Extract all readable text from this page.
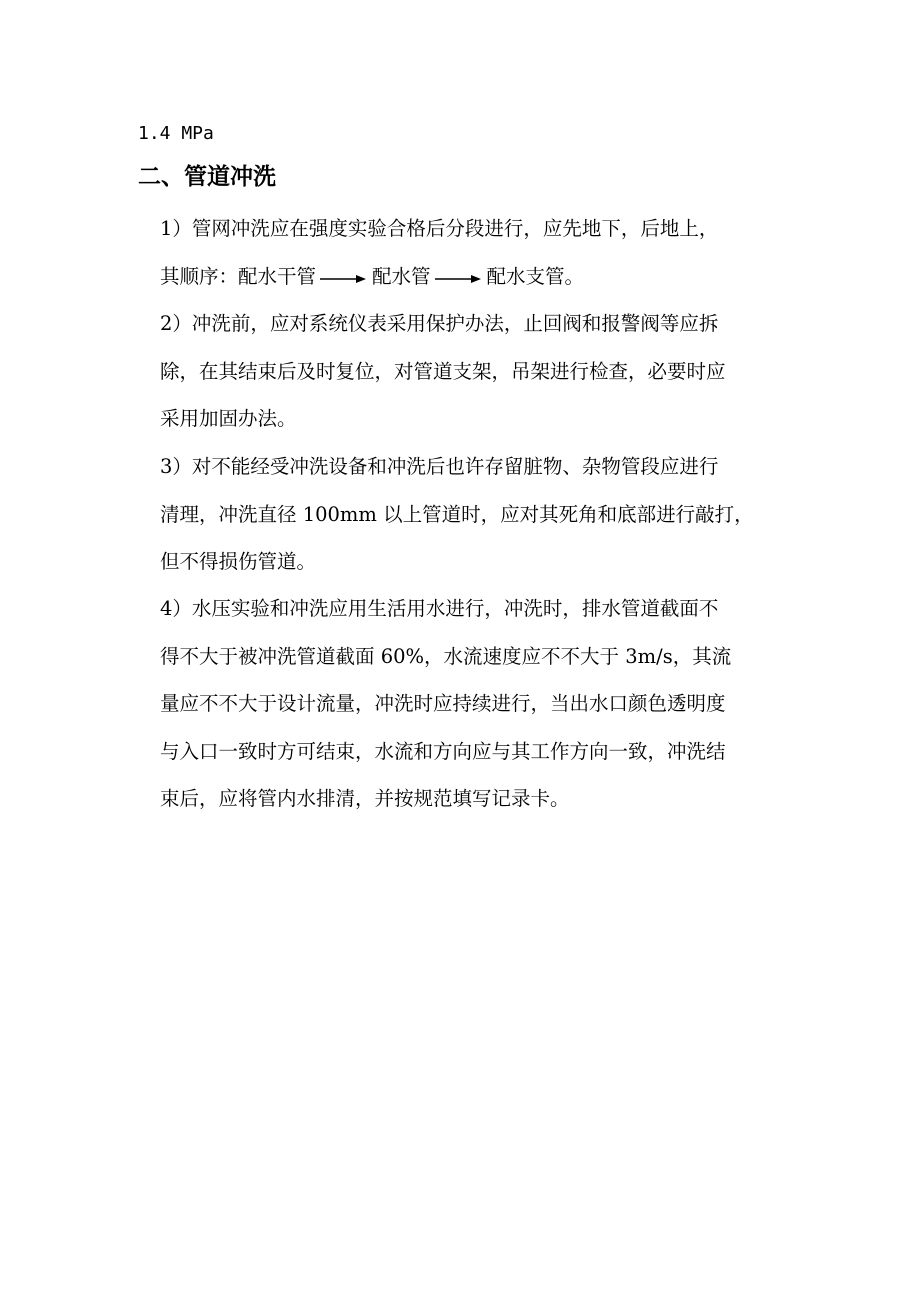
1.4 MPa
二、管道冲洗
1）管网冲洗应在强度实验合格后分段进行，应先地下，后地上，
其顺序：配水干管	配水管	配水支管。
2）冲洗前，应对系统仪表采用保护办法，止回阀和报警阀等应拆
除，在其结束后及时复位，对管道支架，吊架进行检查，必要时应
采用加固办法。
3）对不能经受冲洗设备和冲洗后也许存留脏物、杂物管段应进行
清理，冲洗直径 100mm 以上管道时，应对其死角和底部进行敲打，
但不得损伤管道。
4）水压实验和冲洗应用生活用水进行，冲洗时，排水管道截面不
得不大于被冲洗管道截面 60%，水流速度应不不大于 3m/s，其流
量应不不大于设计流量，冲洗时应持续进行，当出水口颜色透明度
与入口一致时方可结束，水流和方向应与其工作方向一致，冲洗结
束后，应将管内水排清，并按规范填写记录卡。
